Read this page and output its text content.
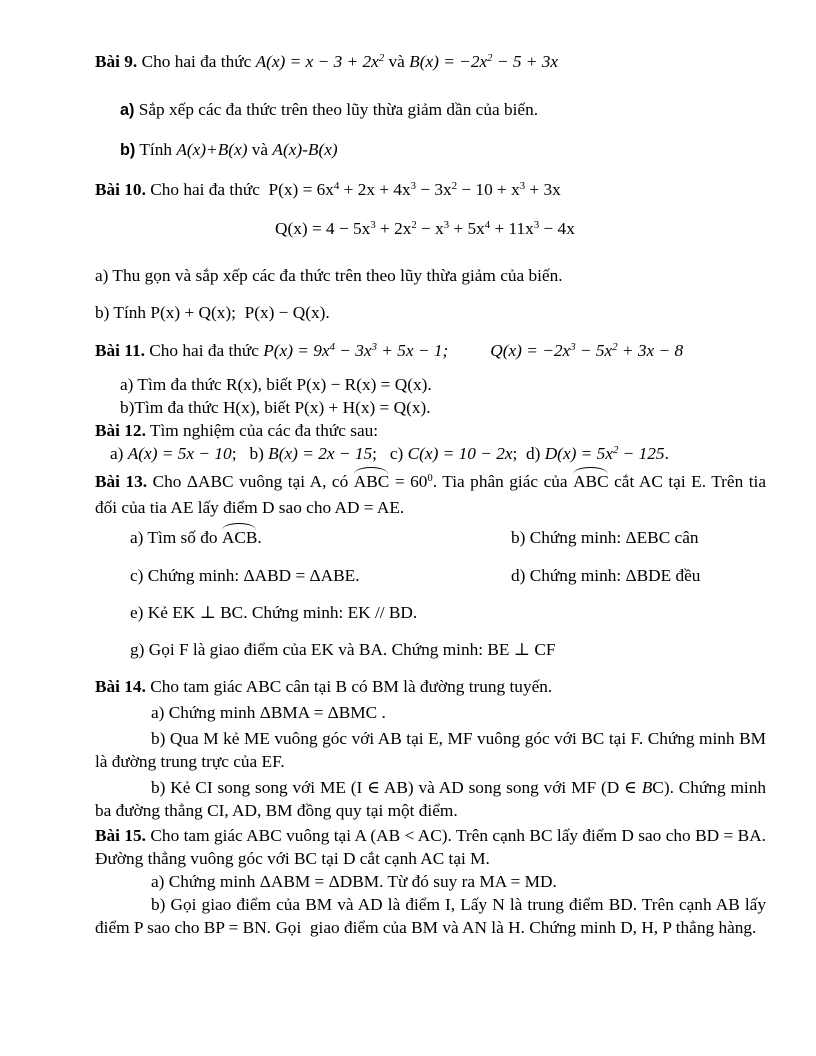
Bài 9. Cho hai đa thức $A(x) = x - 3 + 2x^2$ và $B(x) = -2x^2 - 5 + 3x$

a) Sắp xếp các đa thức trên theo lũy thừa giảm dần của biến.

b) Tính A(x)+B(x) và A(x)-B(x)

Bài 10. Cho hai đa thức  $P(x) = 6x^4 + 2x + 4x^3 - 3x^2 - 10 + x^3 + 3x$

$Q(x) = 4 - 5x^3 + 2x^2 - x^3 + 5x^4 + 11x^3 - 4x$

a) Thu gọn và sắp xếp các đa thức trên theo lũy thừa giảm của biến.

b) Tính P(x) + Q(x);  P(x) − Q(x).

Bài 11. Cho hai đa thức $P(x) = 9x^4 - 3x^3 + 5x - 1$; $Q(x) = -2x^3 - 5x^2 + 3x - 8$

a) Tìm đa thức R(x), biết P(x) − R(x) = Q(x).

b)Tìm đa thức H(x), biết P(x) + H(x) = Q(x).

Bài 12. Tìm nghiệm của các đa thức sau:

a) A(x) = 5x − 10;   b) B(x) = 2x − 15;   c) C(x) = 10 − 2x;  d) $D(x) = 5x^2 - 125$.

Bài 13. Cho ΔABC vuông tại A, có ABC = $60^0$. Tia phân giác của ABC cắt AC tại E. Trên tia đối của tia AE lấy điểm D sao cho AD = AE.

a) Tìm số đo ACB.	b) Chứng minh: ΔEBC cân

c) Chứng minh: ΔABD = ΔABE.	d) Chứng minh: ΔBDE đều

e) Kẻ EK ⊥ BC. Chứng minh: EK // BD.

g) Gọi F là giao điểm của EK và BA. Chứng minh: BE ⊥ CF

Bài 14. Cho tam giác ABC cân tại B có BM là đường trung tuyến.

a) Chứng minh ΔBMA = ΔBMC .

b) Qua M kẻ ME vuông góc với AB tại E, MF vuông góc với BC tại F. Chứng minh BM là đường trung trực của EF.

b) Kẻ CI song song với ME (I ∈ AB) và AD song song với MF (D ∈ BC). Chứng minh ba đường thẳng CI, AD, BM đồng quy tại một điểm.

Bài 15. Cho tam giác ABC vuông tại A (AB < AC). Trên cạnh BC lấy điểm D sao cho BD = BA. Đường thẳng vuông góc với BC tại D cắt cạnh AC tại M.

a) Chứng minh ΔABM = ΔDBM. Từ đó suy ra MA = MD.

b) Gọi giao điểm của BM và AD là điểm I, Lấy N là trung điểm BD. Trên cạnh AB lấy điểm P sao cho BP = BN. Gọi  giao điểm của BM và AN là H. Chứng minh D, H, P thẳng hàng.
